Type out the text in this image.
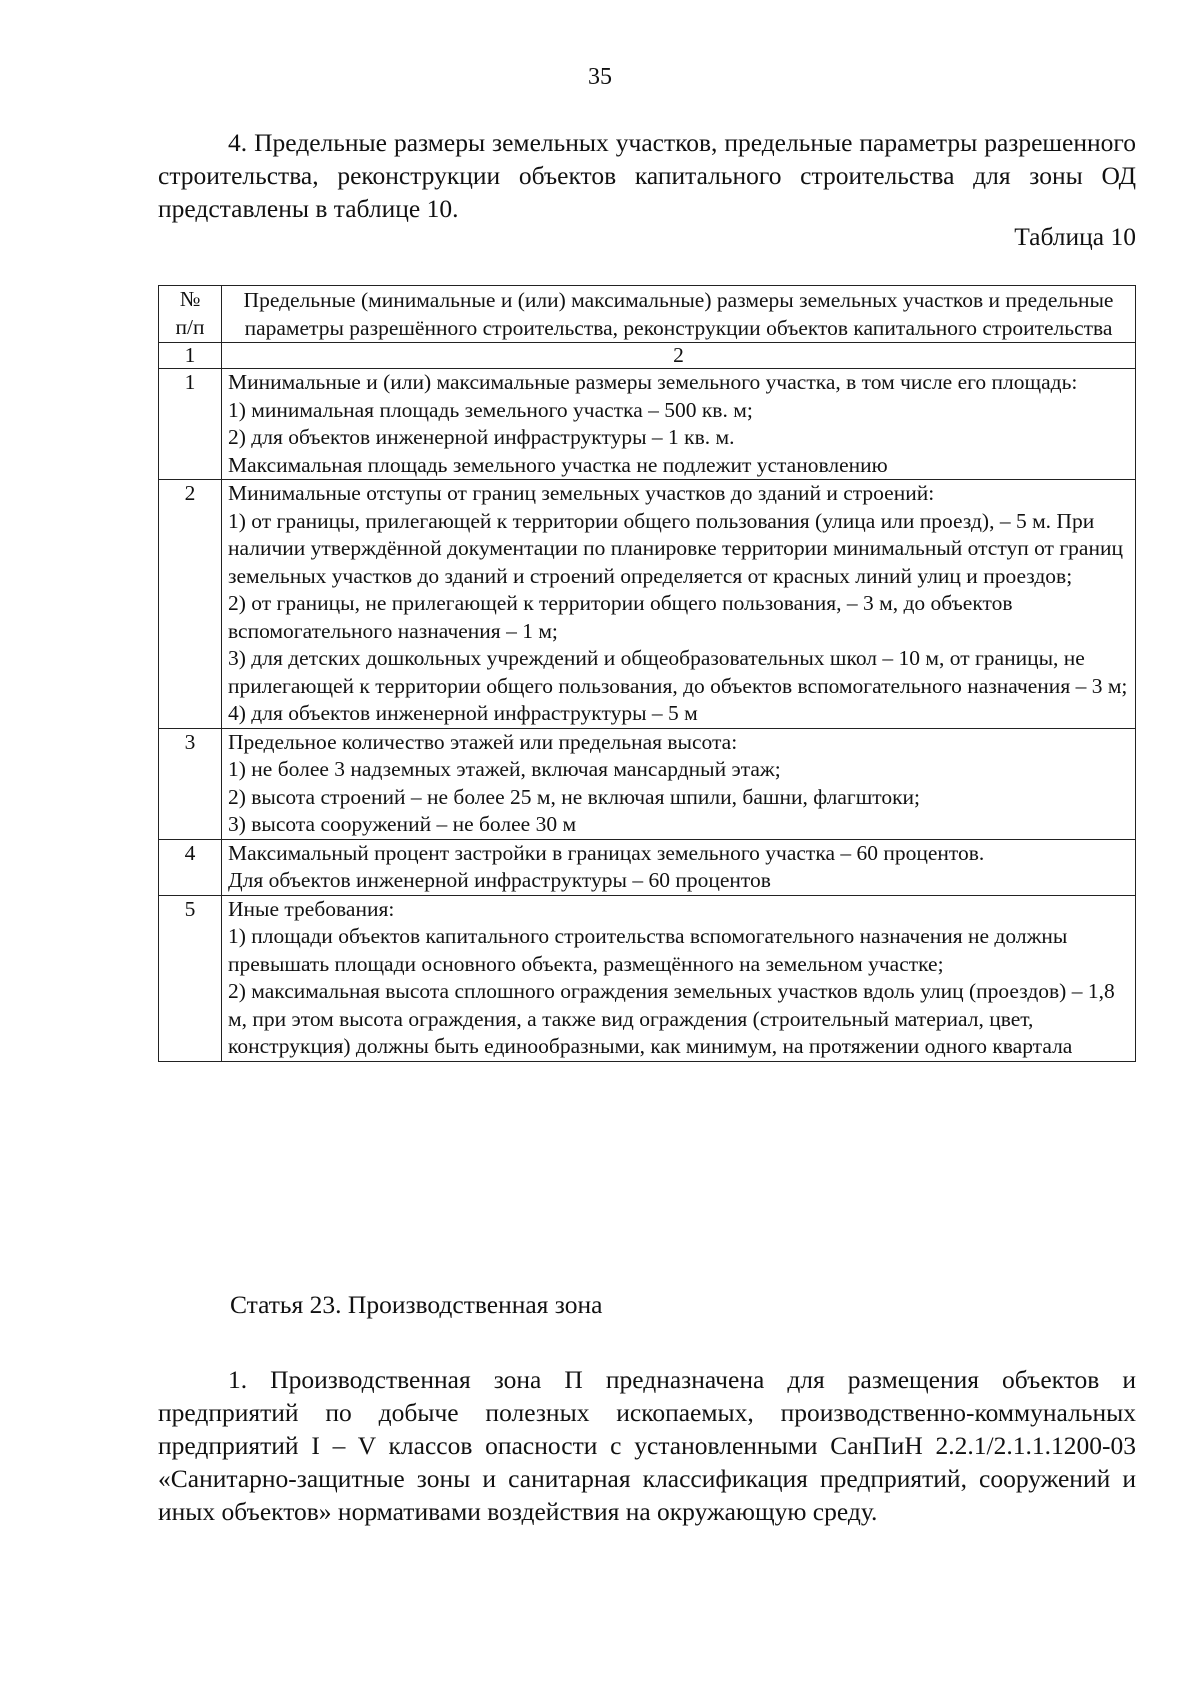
35

4. Предельные размеры земельных участков, предельные параметры разрешенного строительства, реконструкции объектов капитального строительства для зоны ОД представлены в таблице 10.

Таблица 10
№
п/п	Предельные (минимальные и (или) максимальные) размеры земельных участков и предельные параметры разрешённого строительства, реконструкции объектов капитального строительства
1	2
1	Минимальные и (или) максимальные размеры земельного участка, в том числе его площадь:
1) минимальная площадь земельного участка – 500 кв. м;
2) для объектов инженерной инфраструктуры – 1 кв. м.
Максимальная площадь земельного участка не подлежит установлению

2	Минимальные отступы от границ земельных участков до зданий и строений:
1) от границы, прилегающей к территории общего пользования (улица или проезд), – 5 м. При наличии утверждённой документации по планировке территории минимальный отступ от границ земельных участков до зданий и строений определяется от красных линий улиц и проездов;
2) от границы, не прилегающей к территории общего пользования, – 3 м, до объектов вспомогательного назначения – 1 м;
3) для детских дошкольных учреждений и общеобразовательных школ – 10 м, от границы, не прилегающей к территории общего пользования, до объектов вспомогательного назначения – 3 м;
4) для объектов инженерной инфраструктуры – 5 м

3	Предельное количество этажей или предельная высота:
1) не более 3 надземных этажей, включая мансардный этаж;
2) высота строений – не более 25 м, не включая шпили, башни, флагштоки;
3) высота сооружений – не более 30 м

4	Максимальный процент застройки в границах земельного участка – 60 процентов.
Для объектов инженерной инфраструктуры – 60 процентов

5	Иные требования:
1) площади объектов капитального строительства вспомогательного назначения не должны превышать площади основного объекта, размещённого на земельном участке;
2) максимальная высота сплошного ограждения земельных участков вдоль улиц (проездов) – 1,8 м, при этом высота ограждения, а также вид ограждения (строительный материал, цвет, конструкция) должны быть единообразными, как минимум, на протяжении одного квартала
Статья 23. Производственная зона

1. Производственная зона П предназначена для размещения объектов и предприятий по добыче полезных ископаемых, производственно-коммунальных предприятий I – V классов опасности с установленными СанПиН 2.2.1/2.1.1.1200-03 «Санитарно-защитные зоны и санитарная классификация предприятий, сооружений и иных объектов» нормативами воздействия на окружающую среду.
